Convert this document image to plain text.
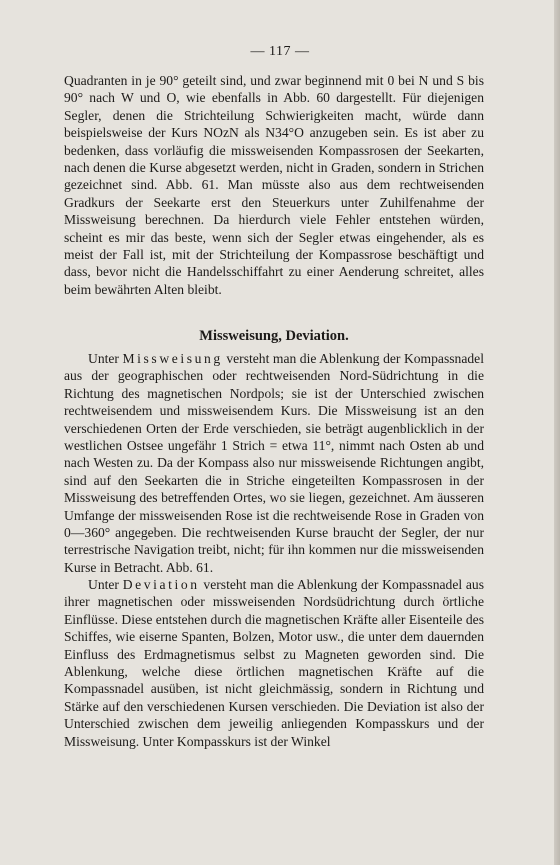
— 117 —

Quadranten in je 90° geteilt sind, und zwar beginnend mit 0 bei N und S bis 90° nach W und O, wie ebenfalls in Abb. 60 dargestellt. Für diejenigen Segler, denen die Strichteilung Schwierigkeiten macht, würde dann beispielsweise der Kurs NOzN als N34°O anzugeben sein. Es ist aber zu bedenken, dass vorläufig die missweisenden Kompassrosen der Seekarten, nach denen die Kurse abgesetzt werden, nicht in Graden, sondern in Strichen gezeichnet sind. Abb. 61. Man müsste also aus dem rechtweisenden Gradkurs der Seekarte erst den Steuerkurs unter Zuhilfenahme der Missweisung berechnen. Da hierdurch viele Fehler entstehen würden, scheint es mir das beste, wenn sich der Segler etwas eingehender, als es meist der Fall ist, mit der Strichteilung der Kompassrose beschäftigt und dass, bevor nicht die Handelsschiffahrt zu einer Aenderung schreitet, alles beim bewährten Alten bleibt.

Missweisung, Deviation.

Unter Missweisung versteht man die Ablenkung der Kompassnadel aus der geographischen oder rechtweisenden Nord-Südrichtung in die Richtung des magnetischen Nordpols; sie ist der Unterschied zwischen rechtweisendem und missweisendem Kurs. Die Missweisung ist an den verschiedenen Orten der Erde verschieden, sie beträgt augenblicklich in der westlichen Ostsee ungefähr 1 Strich = etwa 11°, nimmt nach Osten ab und nach Westen zu. Da der Kompass also nur missweisende Richtungen angibt, sind auf den Seekarten die in Striche eingeteilten Kompassrosen in der Missweisung des betreffenden Ortes, wo sie liegen, gezeichnet. Am äusseren Umfange der missweisenden Rose ist die rechtweisende Rose in Graden von 0—360° angegeben. Die rechtweisenden Kurse braucht der Segler, der nur terrestrische Navigation treibt, nicht; für ihn kommen nur die missweisenden Kurse in Betracht. Abb. 61.

Unter Deviation versteht man die Ablenkung der Kompassnadel aus ihrer magnetischen oder missweisenden Nordsüdrichtung durch örtliche Einflüsse. Diese entstehen durch die magnetischen Kräfte aller Eisenteile des Schiffes, wie eiserne Spanten, Bolzen, Motor usw., die unter dem dauernden Einfluss des Erdmagnetismus selbst zu Magneten geworden sind. Die Ablenkung, welche diese örtlichen magnetischen Kräfte auf die Kompassnadel ausüben, ist nicht gleichmässig, sondern in Richtung und Stärke auf den verschiedenen Kursen verschieden. Die Deviation ist also der Unterschied zwischen dem jeweilig anliegenden Kompasskurs und der Missweisung. Unter Kompasskurs ist der Winkel
